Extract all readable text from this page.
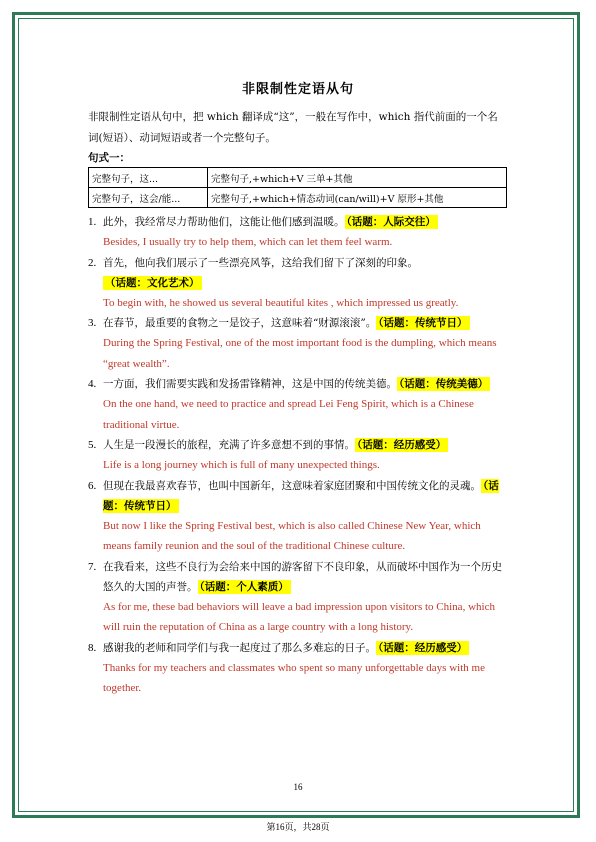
非限制性定语从句

非限制性定语从句中，把 which 翻译成“这”，一般在写作中，which 指代前面的一个名词(短语）、动词短语或者一个完整句子。

句式一：
完整句子，这...	完整句子,+which+V 三单+其他
完整句子，这会/能...	完整句子,+which+情态动词(can/will)+V 原形+其他
1. 此外，我经常尽力帮助他们，这能让他们感到温暖。 （话题：人际交往）
Besides, I usually try to help them, which can let them feel warm.
2. 首先，他向我们展示了一些漂亮风筝，这给我们留下了深刻的印象。（话题：文化艺术）
To begin with, he showed us several beautiful kites , which impressed us greatly.
3. 在春节，最重要的食物之一是饺子，这意味着“财源滚滚”。 （话题：传统节日）
During the Spring Festival, one of the most important food is the dumpling, which means “great wealth”.
4. 一方面，我们需要实践和发扬雷锋精神，这是中国的传统美德。 （话题：传统美德）
On the one hand, we need to practice and spread Lei Feng Spirit, which is a Chinese traditional virtue.
5. 人生是一段漫长的旅程，充满了许多意想不到的事情。 （话题：经历感受）
Life is a long journey which is full of many unexpected things.
6. 但现在我最喜欢春节，也叫中国新年，这意味着家庭团聚和中国传统文化的灵魂。 （话题：传统节日）
But now I like the Spring Festival best, which is also called Chinese New Year, which means family reunion and the soul of the traditional Chinese culture.
7. 在我看来，这些不良行为会给来中国的游客留下不良印象，从而破坏中国作为一个历史悠久的大国的声誉。 （话题：个人素质）
As for me, these bad behaviors will leave a bad impression upon visitors to China, which will ruin the reputation of China as a large country with a long history.
8. 感谢我的老师和同学们与我一起度过了那么多难忘的日子。 （话题：经历感受）
Thanks for my teachers and classmates who spent so many unforgettable days with me together.
16
第16页，共28页
